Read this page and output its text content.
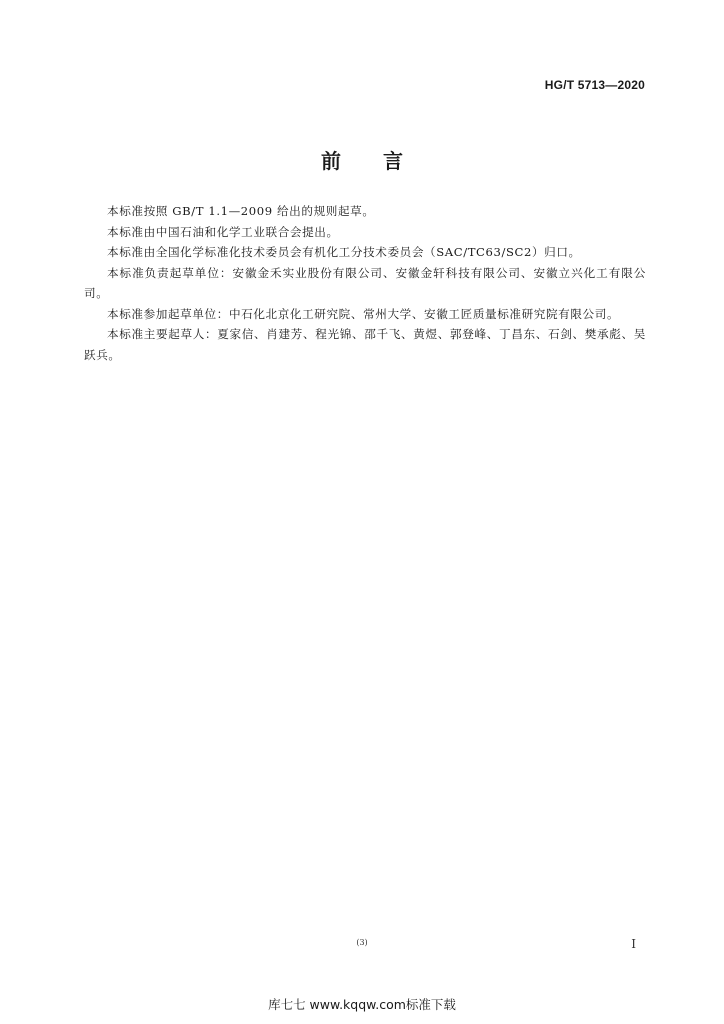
HG/T 5713—2020
前言

本标准按照 GB/T 1.1—2009 给出的规则起草。

本标准由中国石油和化学工业联合会提出。

本标准由全国化学标准化技术委员会有机化工分技术委员会（SAC/TC63/SC2）归口。

本标准负责起草单位：安徽金禾实业股份有限公司、安徽金轩科技有限公司、安徽立兴化工有限公司。

本标准参加起草单位：中石化北京化工研究院、常州大学、安徽工匠质量标准研究院有限公司。

本标准主要起草人：夏家信、肖建芳、程光锦、邵千飞、黄煜、郭登峰、丁昌东、石剑、樊承彪、吴跃兵。

(3)	I
库七七 www.kqqw.com标准下载
